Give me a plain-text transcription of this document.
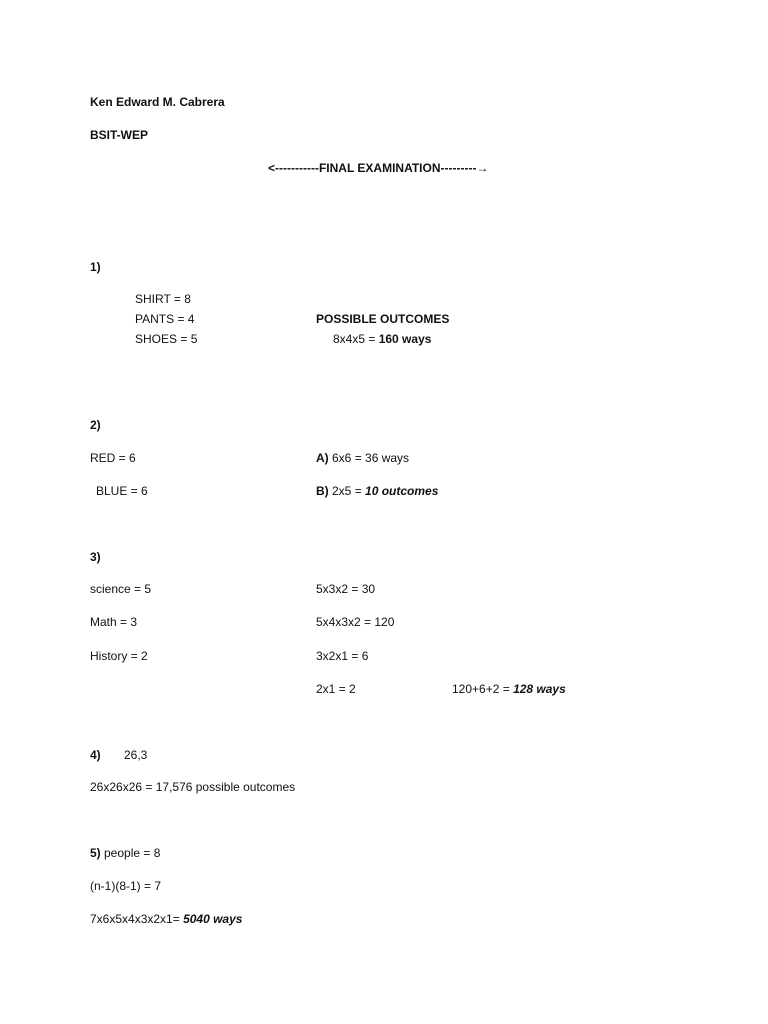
Ken Edward M. Cabrera
BSIT-WEP
<-----------FINAL EXAMINATION---------→
1)
SHIRT = 8
PANTS = 4
SHOES = 5
POSSIBLE OUTCOMES
8x4x5 = 160 ways
2)
RED = 6
BLUE = 6
A) 6x6 = 36 ways
B) 2x5 = 10 outcomes
3)
science = 5
Math = 3
History = 2
5x3x2 = 30
5x4x3x2 = 120
3x2x1 = 6
2x1 = 2	120+6+2 = 128 ways
4) 26,3
26x26x26 = 17,576 possible outcomes
5) people = 8
(n-1)(8-1) = 7
7x6x5x4x3x2x1= 5040 ways
